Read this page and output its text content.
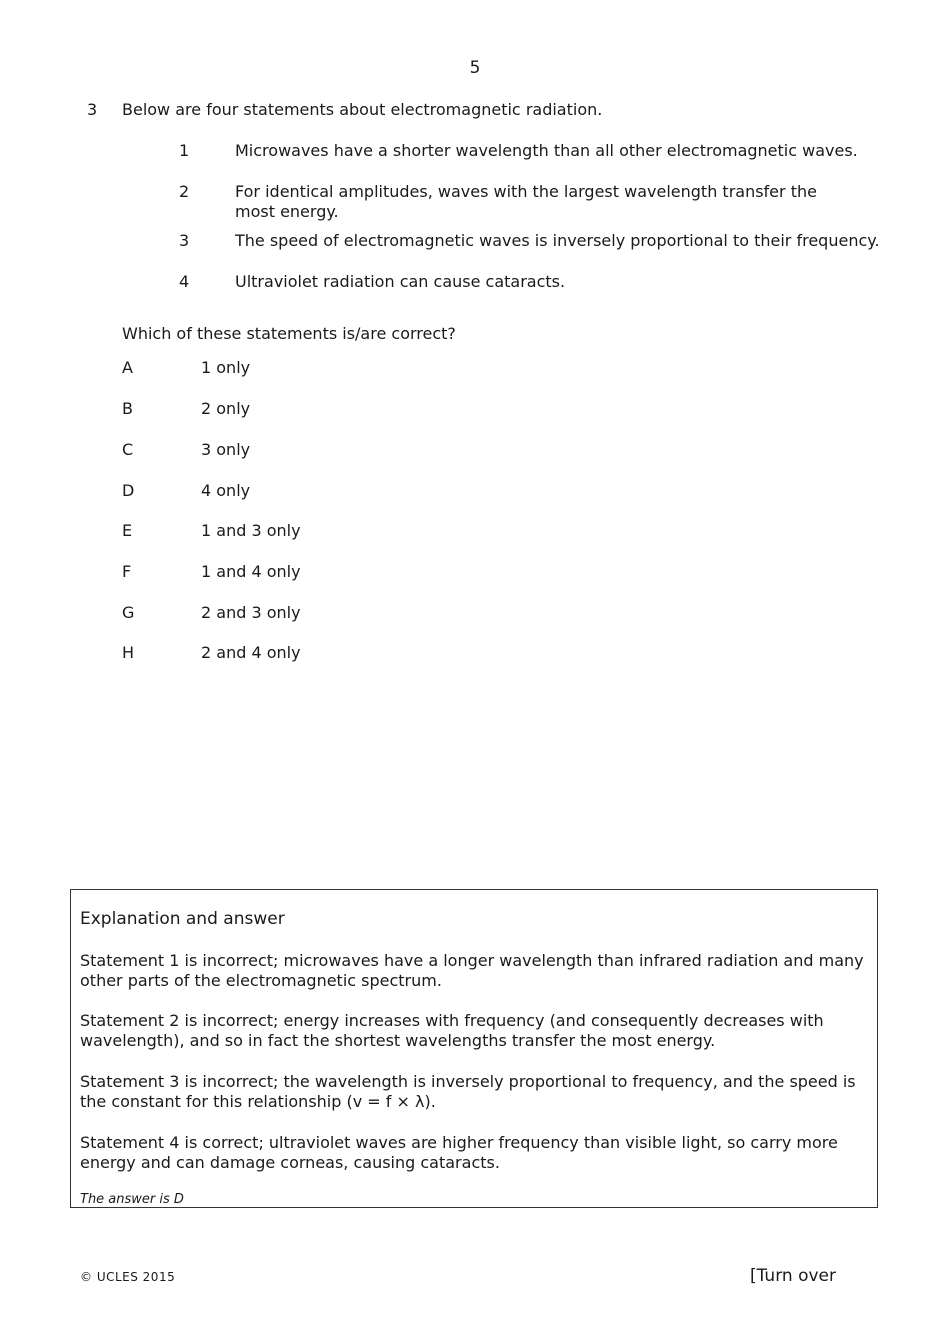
5
3 Below are four statements about electromagnetic radiation.
1	Microwaves have a shorter wavelength than all other electromagnetic waves.
2	For identical amplitudes, waves with the largest wavelength transfer the most energy.
3	The speed of electromagnetic waves is inversely proportional to their frequency.
4	Ultraviolet radiation can cause cataracts.
Which of these statements is/are correct?
A	1 only
B	2 only
C	3 only
D	4 only
E	1 and 3 only
F	1 and 4 only
G	2 and 3 only
H	2 and 4 only
Explanation and answer
Statement 1 is incorrect; microwaves have a longer wavelength than infrared radiation and many other parts of the electromagnetic spectrum.
Statement 2 is incorrect; energy increases with frequency (and consequently decreases with wavelength), and so in fact the shortest wavelengths transfer the most energy.
Statement 3 is incorrect; the wavelength is inversely proportional to frequency, and the speed is the constant for this relationship (v = f × λ).
Statement 4 is correct; ultraviolet waves are higher frequency than visible light, so carry more energy and can damage corneas, causing cataracts.
The answer is D
© UCLES 2015	[Turn over
